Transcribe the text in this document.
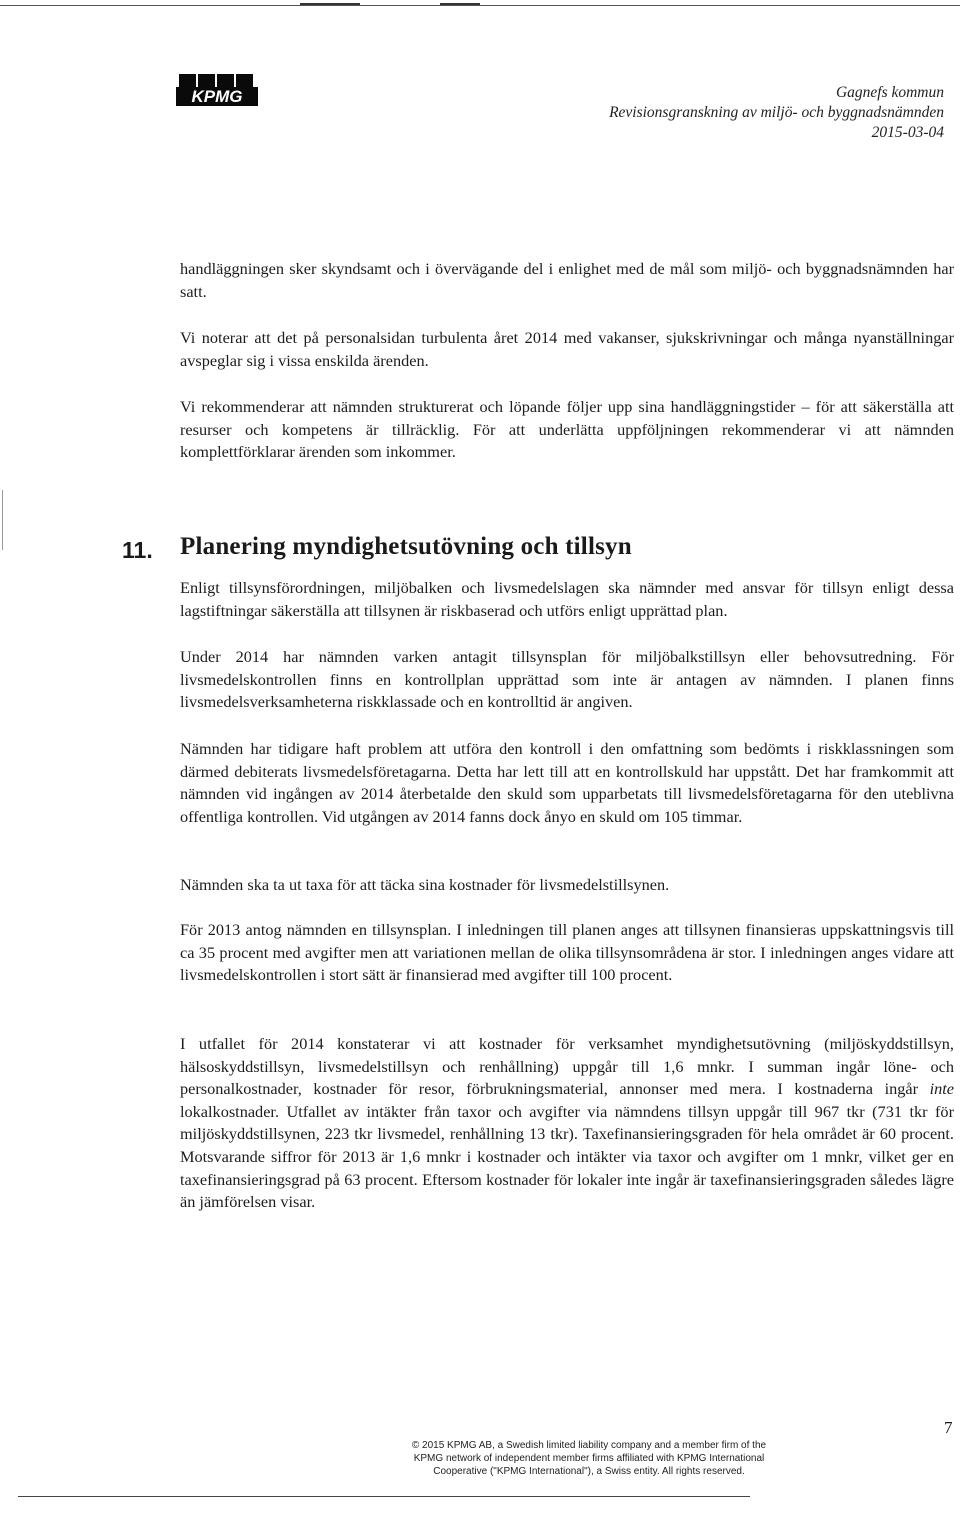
KPMG	Gagnefs kommun
Revisionsgranskning av miljö- och byggnadsnämnden
2015-03-04

handläggningen sker skyndsamt och i övervägande del i enlighet med de mål som miljö- och byggnadsnämnden har satt.

Vi noterar att det på personalsidan turbulenta året 2014 med vakanser, sjukskrivningar och många nyanställningar avspeglar sig i vissa enskilda ärenden.

Vi rekommenderar att nämnden strukturerat och löpande följer upp sina handläggningstider – för att säkerställa att resurser och kompetens är tillräcklig. För att underlätta uppföljningen rekommenderar vi att nämnden komplettförklarar ärenden som inkommer.

11. Planering myndighetsutövning och tillsyn

Enligt tillsynsförordningen, miljöbalken och livsmedelslagen ska nämnder med ansvar för tillsyn enligt dessa lagstiftningar säkerställa att tillsynen är riskbaserad och utförs enligt upprättad plan.

Under 2014 har nämnden varken antagit tillsynsplan för miljöbalkstillsyn eller behovsutredning. För livsmedelskontrollen finns en kontrollplan upprättad som inte är antagen av nämnden. I planen finns livsmedelsverksamheterna riskklassade och en kontrolltid är angiven.

Nämnden har tidigare haft problem att utföra den kontroll i den omfattning som bedömts i riskklassningen som därmed debiterats livsmedelsföretagarna. Detta har lett till att en kontrollskuld har uppstått. Det har framkommit att nämnden vid ingången av 2014 återbetalde den skuld som upparbetats till livsmedelsföretagarna för den uteblivna offentliga kontrollen. Vid utgången av 2014 fanns dock ånyo en skuld om 105 timmar.

Nämnden ska ta ut taxa för att täcka sina kostnader för livsmedelstillsynen.

För 2013 antog nämnden en tillsynsplan. I inledningen till planen anges att tillsynen finansieras uppskattningsvis till ca 35 procent med avgifter men att variationen mellan de olika tillsynsområdena är stor. I inledningen anges vidare att livsmedelskontrollen i stort sätt är finansierad med avgifter till 100 procent.

I utfallet för 2014 konstaterar vi att kostnader för verksamhet myndighetsutövning (miljöskyddstillsyn, hälsoskyddstillsyn, livsmedelstillsyn och renhållning) uppgår till 1,6 mnkr. I summan ingår löne- och personalkostnader, kostnader för resor, förbrukningsmaterial, annonser med mera. I kostnaderna ingår inte lokalkostnader. Utfallet av intäkter från taxor och avgifter via nämndens tillsyn uppgår till 967 tkr (731 tkr för miljöskyddstillsynen, 223 tkr livsmedel, renhållning 13 tkr). Taxefinansieringsgraden för hela området är 60 procent. Motsvarande siffror för 2013 är 1,6 mnkr i kostnader och intäkter via taxor och avgifter om 1 mnkr, vilket ger en taxefinansieringsgrad på 63 procent. Eftersom kostnader för lokaler inte ingår är taxefinansieringsgraden således lägre än jämförelsen visar.

7
© 2015 KPMG AB, a Swedish limited liability company and a member firm of the
KPMG network of independent member firms affiliated with KPMG International
Cooperative ("KPMG International"), a Swiss entity. All rights reserved.
